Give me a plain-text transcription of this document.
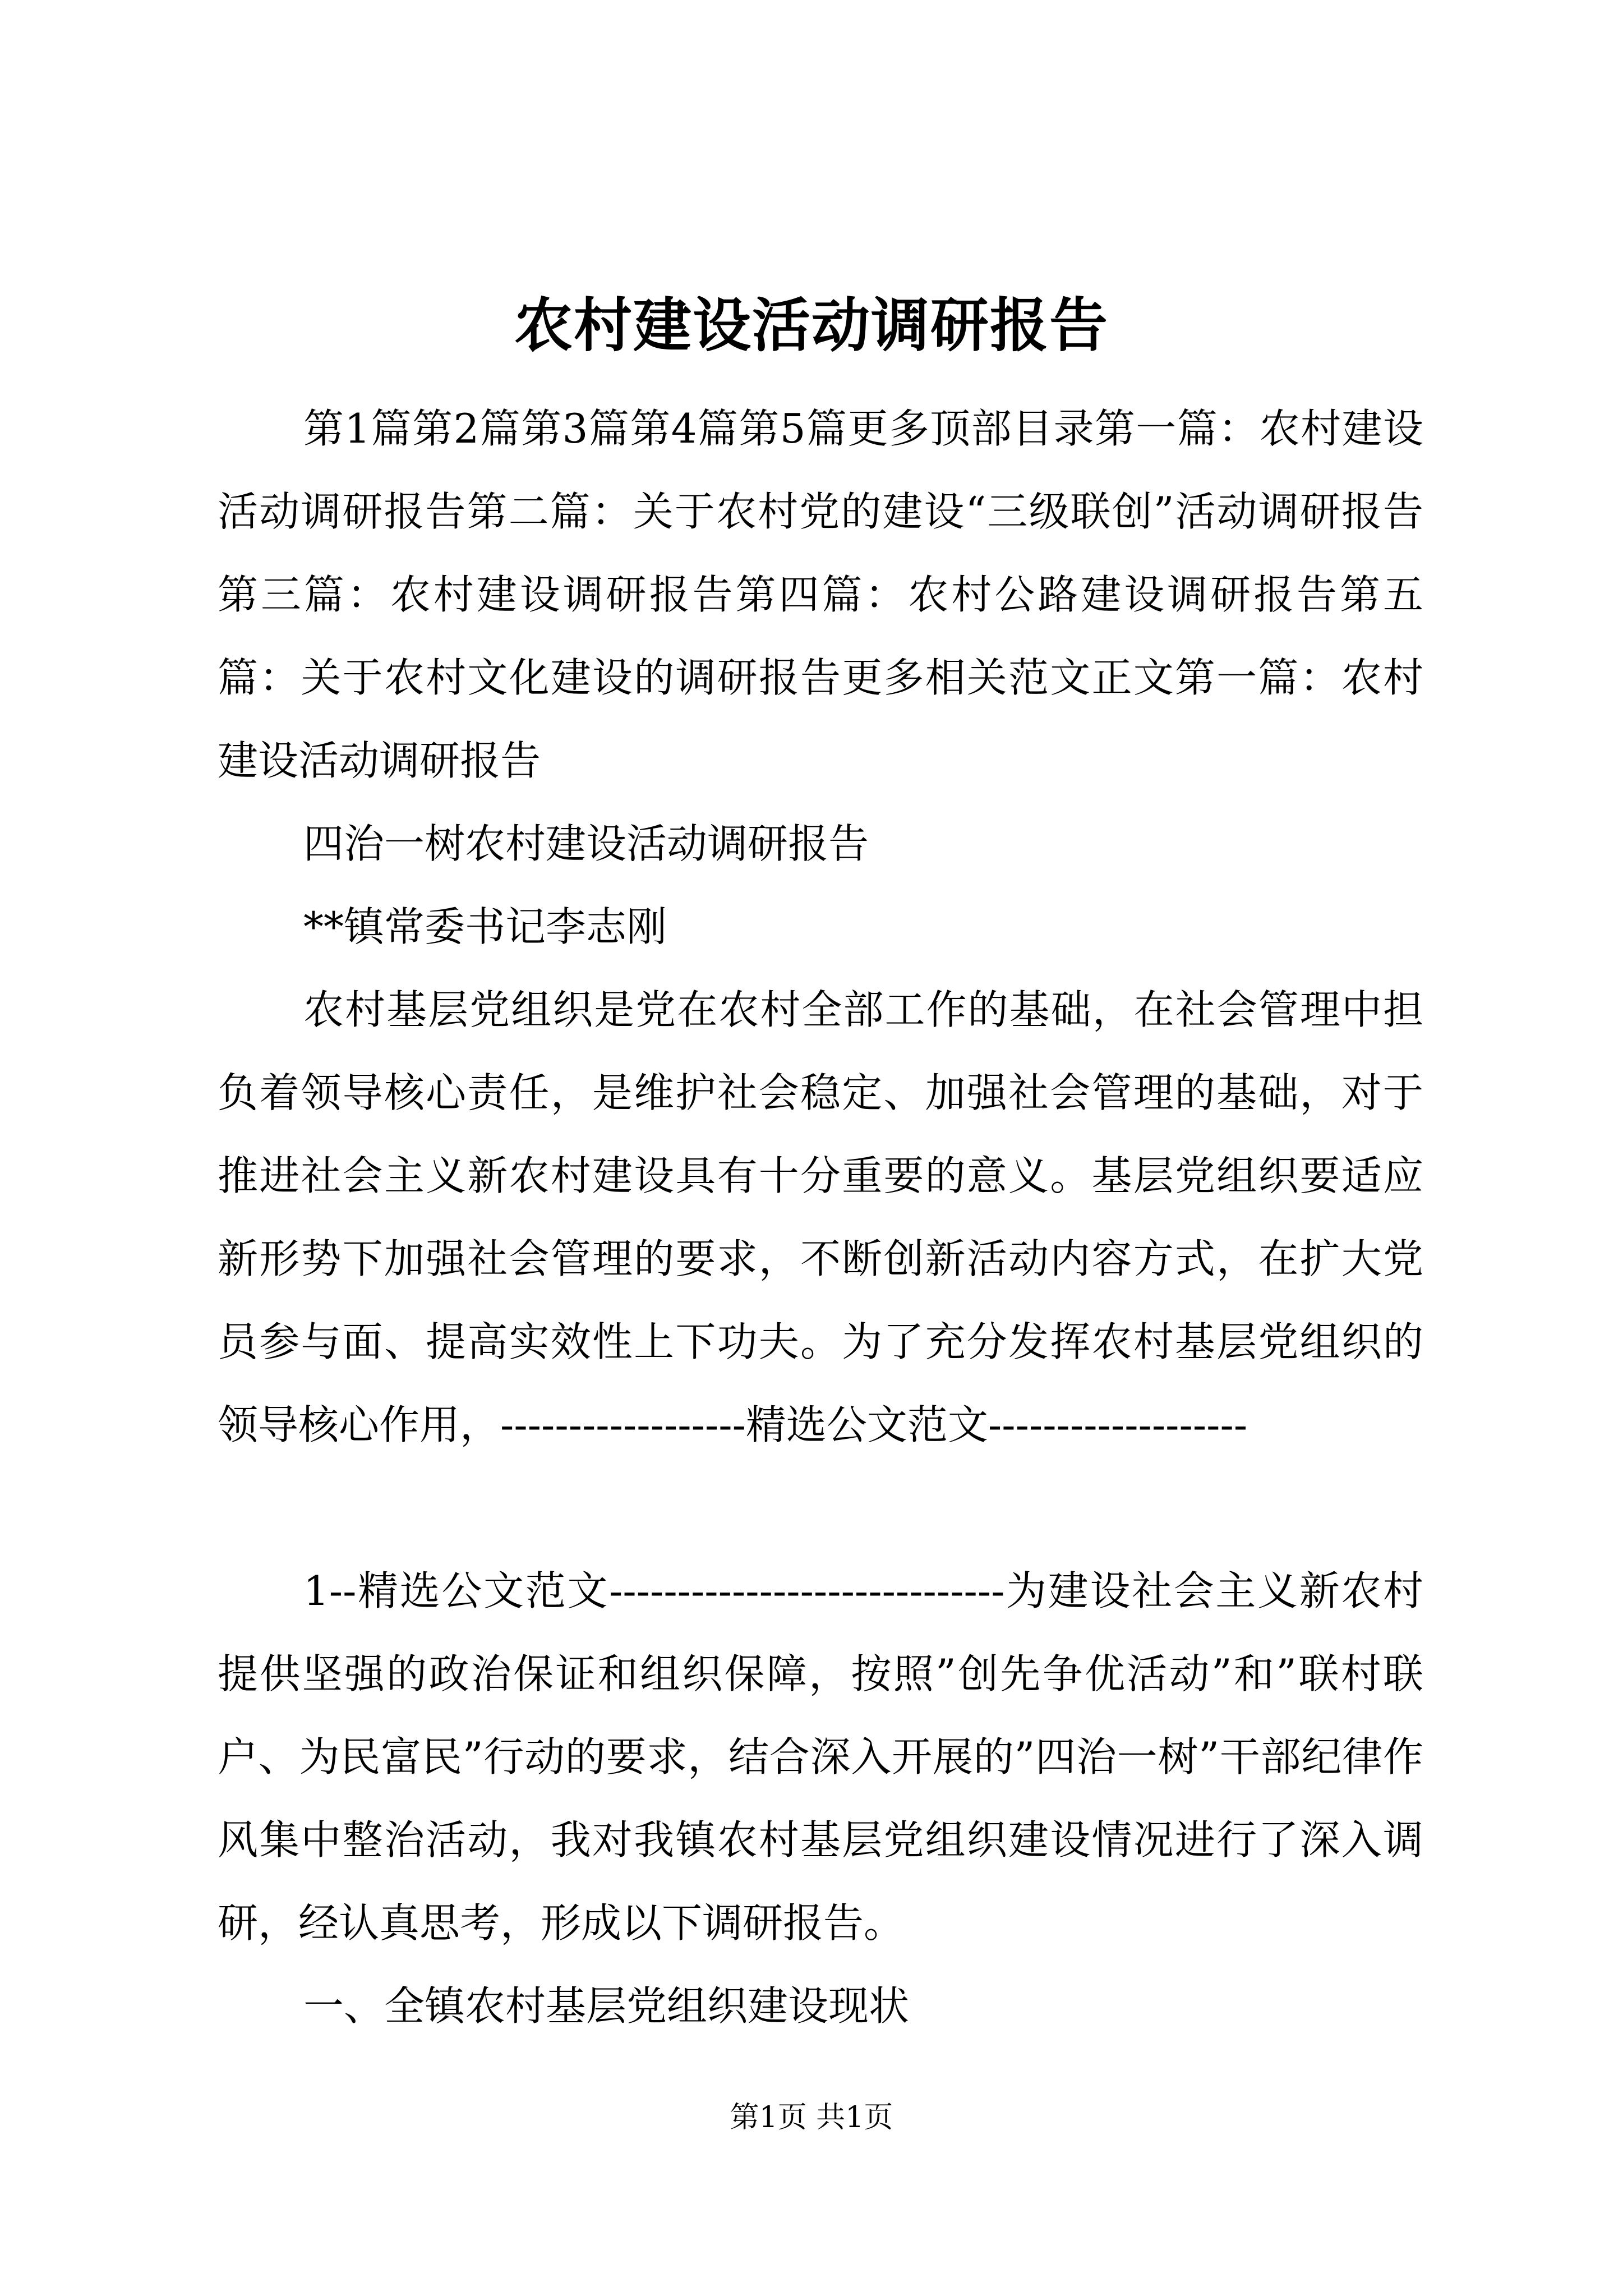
农村建设活动调研报告

第1篇第2篇第3篇第4篇第5篇更多顶部目录第一篇：农村建设活动调研报告第二篇：关于农村党的建设“三级联创”活动调研报告第三篇：农村建设调研报告第四篇：农村公路建设调研报告第五篇：关于农村文化建设的调研报告更多相关范文正文第一篇：农村建设活动调研报告

四治一树农村建设活动调研报告

**镇常委书记李志刚

农村基层党组织是党在农村全部工作的基础，在社会管理中担负着领导核心责任，是维护社会稳定、加强社会管理的基础，对于推进社会主义新农村建设具有十分重要的意义。基层党组织要适应新形势下加强社会管理的要求，不断创新活动内容方式，在扩大党员参与面、提高实效性上下功夫。为了充分发挥农村基层党组织的领导核心作用，------------------精选公文范文-------------------

1--精选公文范文-----------------------------为建设社会主义新农村提供坚强的政治保证和组织保障，按照”创先争优活动”和”联村联户、为民富民”行动的要求，结合深入开展的”四治一树”干部纪律作风集中整治活动，我对我镇农村基层党组织建设情况进行了深入调研，经认真思考，形成以下调研报告。

一、全镇农村基层党组织建设现状

第1页 共1页
